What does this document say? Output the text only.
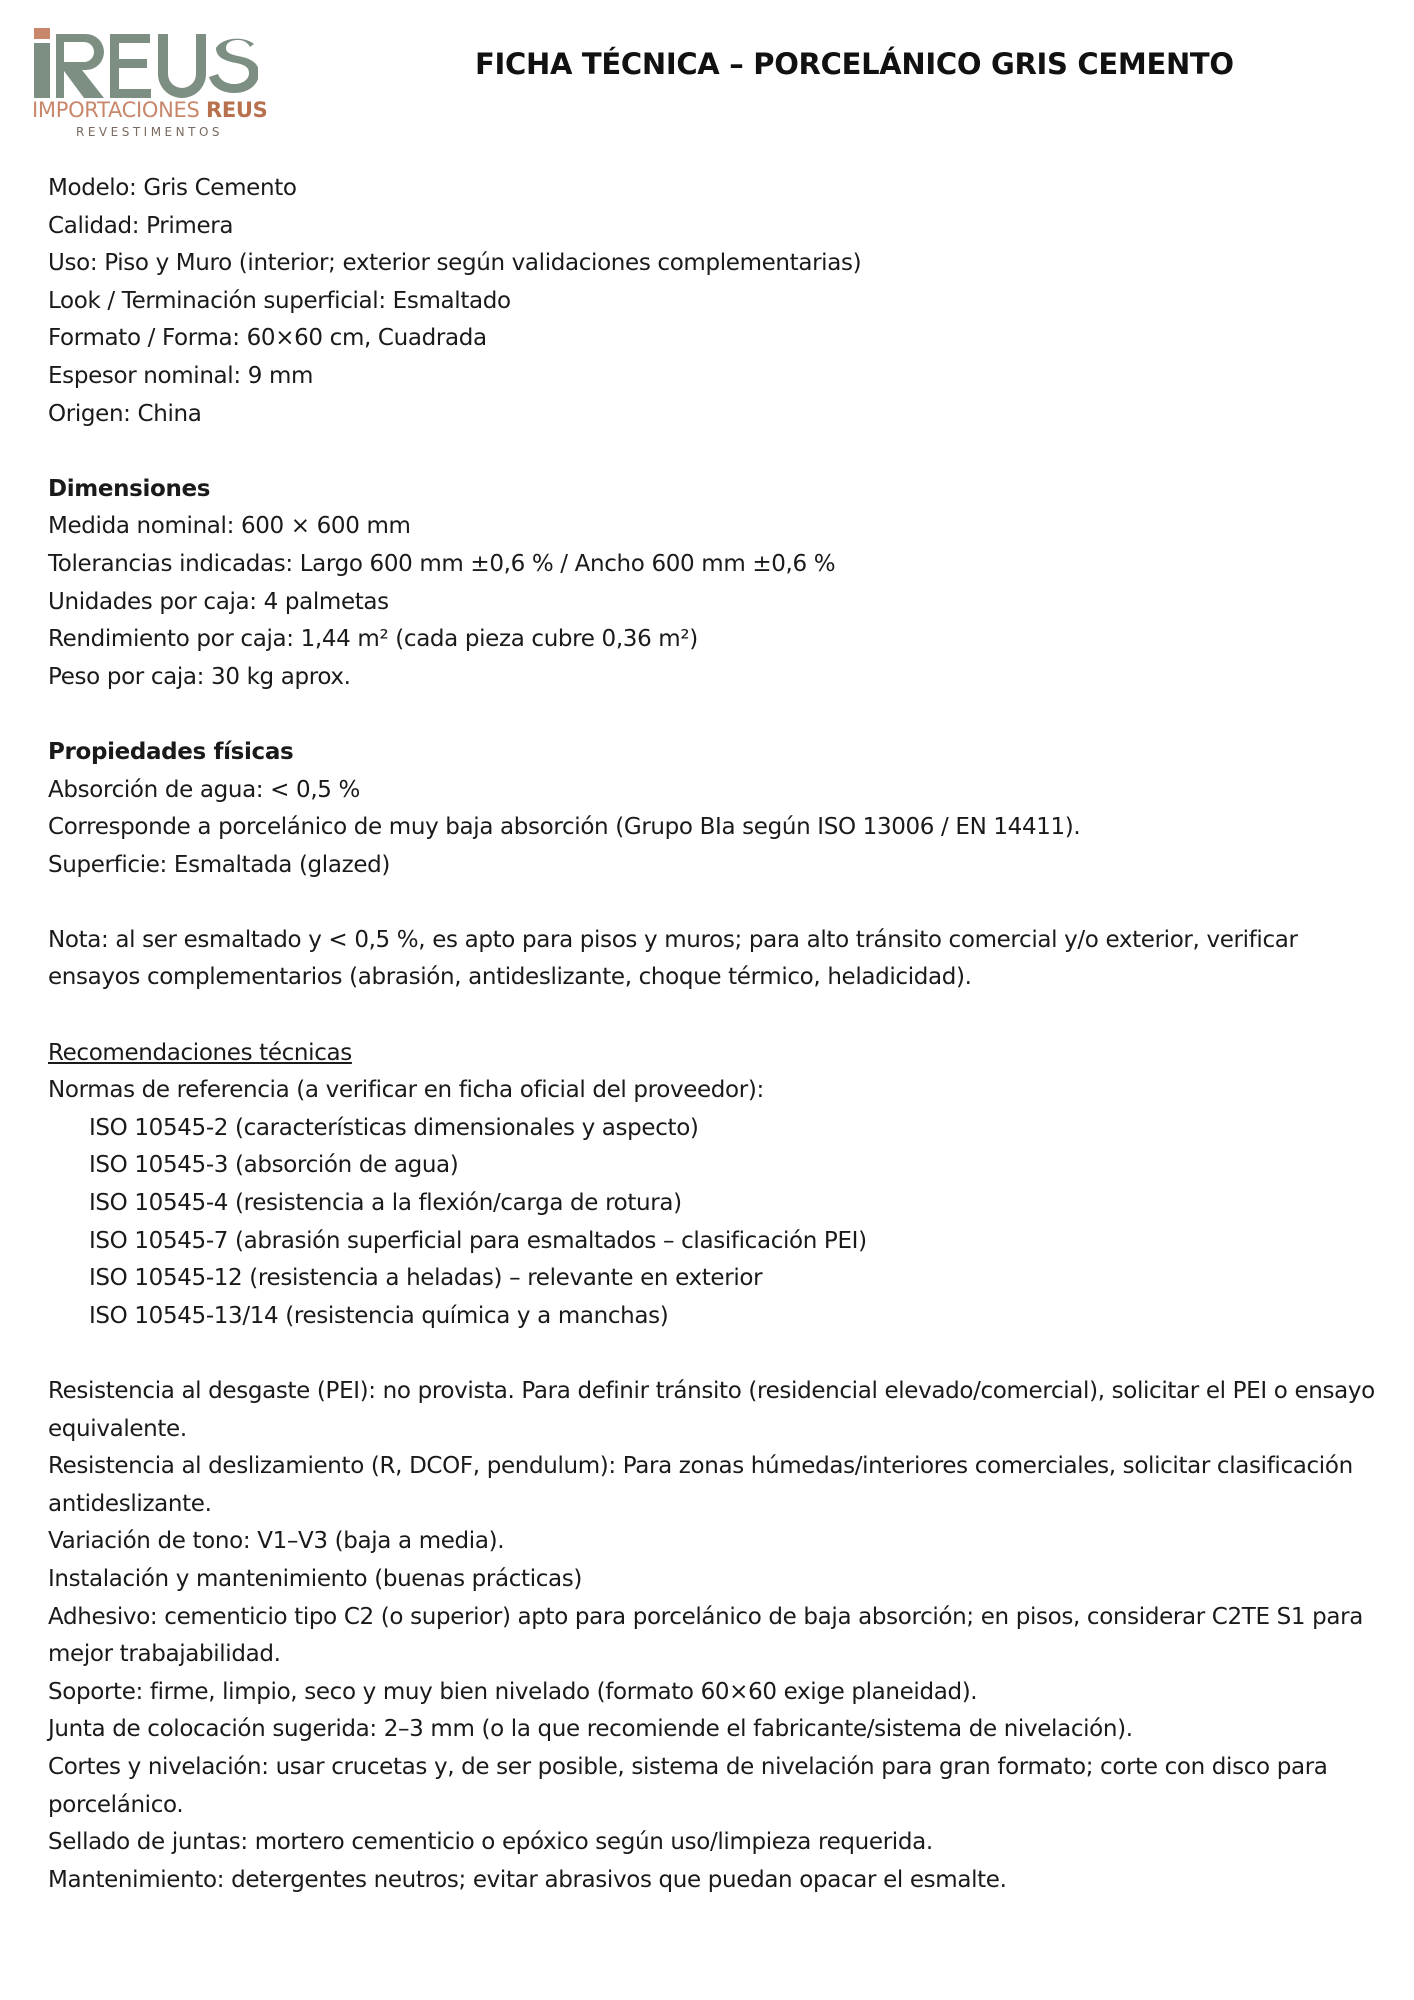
IMPORTACIONES REUS
REVESTIMENTOS
FICHA TÉCNICA – PORCELÁNICO GRIS CEMENTO
Modelo: Gris Cemento
Calidad: Primera
Uso: Piso y Muro (interior; exterior según validaciones complementarias)
Look / Terminación superficial: Esmaltado
Formato / Forma: 60×60 cm, Cuadrada
Espesor nominal: 9 mm
Origen: China
Dimensiones
Medida nominal: 600 × 600 mm
Tolerancias indicadas: Largo 600 mm ±0,6 % / Ancho 600 mm ±0,6 %
Unidades por caja: 4 palmetas
Rendimiento por caja: 1,44 m² (cada pieza cubre 0,36 m²)
Peso por caja: 30 kg aprox.
Propiedades físicas
Absorción de agua: < 0,5 %
Corresponde a porcelánico de muy baja absorción (Grupo BIa según ISO 13006 / EN 14411).
Superficie: Esmaltada (glazed)
Nota: al ser esmaltado y < 0,5 %, es apto para pisos y muros; para alto tránsito comercial y/o exterior, verificar ensayos complementarios (abrasión, antideslizante, choque térmico, heladicidad).
Recomendaciones técnicas
Normas de referencia (a verificar en ficha oficial del proveedor):
ISO 10545-2 (características dimensionales y aspecto)
ISO 10545-3 (absorción de agua)
ISO 10545-4 (resistencia a la flexión/carga de rotura)
ISO 10545-7 (abrasión superficial para esmaltados – clasificación PEI)
ISO 10545-12 (resistencia a heladas) – relevante en exterior
ISO 10545-13/14 (resistencia química y a manchas)
Resistencia al desgaste (PEI): no provista. Para definir tránsito (residencial elevado/comercial), solicitar el PEI o ensayo equivalente.
Resistencia al deslizamiento (R, DCOF, pendulum): Para zonas húmedas/interiores comerciales, solicitar clasificación antideslizante.
Variación de tono: V1–V3 (baja a media).
Instalación y mantenimiento (buenas prácticas)
Adhesivo: cementicio tipo C2 (o superior) apto para porcelánico de baja absorción; en pisos, considerar C2TE S1 para mejor trabajabilidad.
Soporte: firme, limpio, seco y muy bien nivelado (formato 60×60 exige planeidad).
Junta de colocación sugerida: 2–3 mm (o la que recomiende el fabricante/sistema de nivelación).
Cortes y nivelación: usar crucetas y, de ser posible, sistema de nivelación para gran formato; corte con disco para porcelánico.
Sellado de juntas: mortero cementicio o epóxico según uso/limpieza requerida.
Mantenimiento: detergentes neutros; evitar abrasivos que puedan opacar el esmalte.
